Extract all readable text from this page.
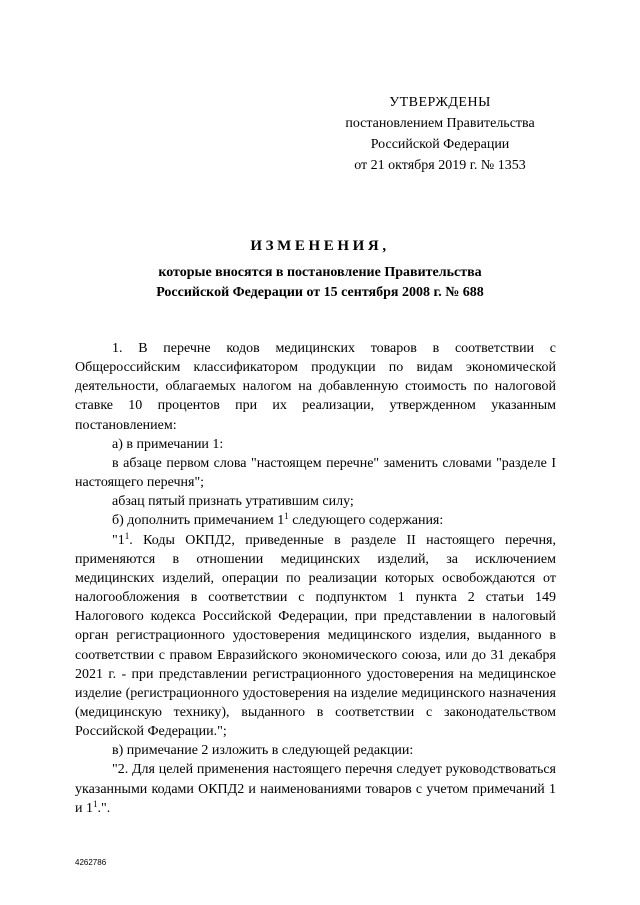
УТВЕРЖДЕНЫ
постановлением Правительства
Российской Федерации
от 21 октября 2019 г. № 1353
ИЗМЕНЕНИЯ,
которые вносятся в постановление Правительства
Российской Федерации от 15 сентября 2008 г. № 688

1. В перечне кодов медицинских товаров в соответствии с Общероссийским классификатором продукции по видам экономической деятельности, облагаемых налогом на добавленную стоимость по налоговой ставке 10 процентов при их реализации, утвержденном указанным постановлением:

а) в примечании 1:

в абзаце первом слова "настоящем перечне" заменить словами "разделе I настоящего перечня";

абзац пятый признать утратившим силу;

б) дополнить примечанием $1^1$ следующего содержания:

"$1^1$. Коды ОКПД2, приведенные в разделе II настоящего перечня, применяются в отношении медицинских изделий, за исключением медицинских изделий, операции по реализации которых освобождаются от налогообложения в соответствии с подпунктом 1 пункта 2 статьи 149 Налогового кодекса Российской Федерации, при представлении в налоговый орган регистрационного удостоверения медицинского изделия, выданного в соответствии с правом Евразийского экономического союза, или до 31 декабря 2021 г. - при представлении регистрационного удостоверения на медицинское изделие (регистрационного удостоверения на изделие медицинского назначения (медицинскую технику), выданного в соответствии с законодательством Российской Федерации.";

в) примечание 2 изложить в следующей редакции:

"2. Для целей применения настоящего перечня следует руководствоваться указанными кодами ОКПД2 и наименованиями товаров с учетом примечаний 1 и $1^1$.".

4262786
